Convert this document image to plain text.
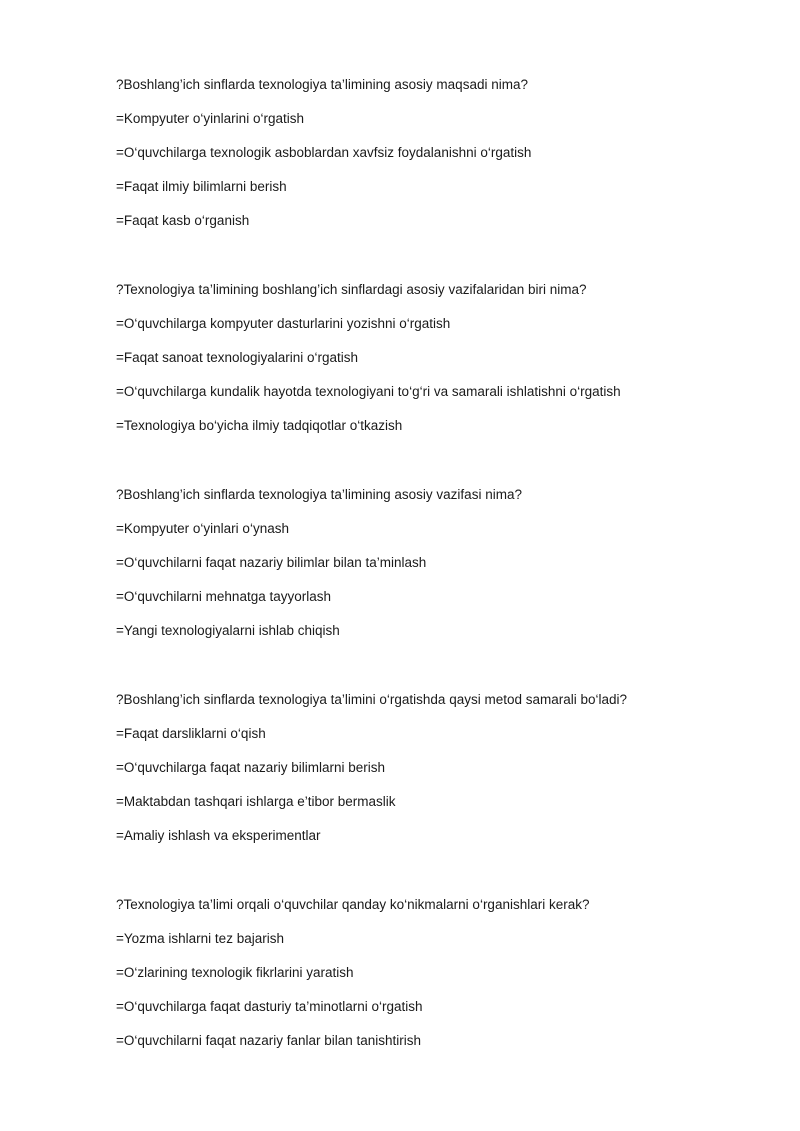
?Boshlang’ich sinflarda texnologiya ta’limining asosiy maqsadi nima?
=Kompyuter o‘yinlarini o‘rgatish
=O‘quvchilarga texnologik asboblardan xavfsiz foydalanishni o‘rgatish
=Faqat ilmiy bilimlarni berish
=Faqat kasb o‘rganish
?Texnologiya ta’limining boshlang’ich sinflardagi asosiy vazifalaridan biri nima?
=O‘quvchilarga kompyuter dasturlarini yozishni o‘rgatish
=Faqat sanoat texnologiyalarini o‘rgatish
=O‘quvchilarga kundalik hayotda texnologiyani to‘g‘ri va samarali ishlatishni o‘rgatish
=Texnologiya bo‘yicha ilmiy tadqiqotlar o‘tkazish
?Boshlang’ich sinflarda texnologiya ta’limining asosiy vazifasi nima?
=Kompyuter o‘yinlari o‘ynash
=O‘quvchilarni faqat nazariy bilimlar bilan ta’minlash
=O‘quvchilarni mehnatga tayyorlash
=Yangi texnologiyalarni ishlab chiqish
?Boshlang’ich sinflarda texnologiya ta’limini o‘rgatishda qaysi metod samarali bo‘ladi?
=Faqat darsliklarni o‘qish
=O‘quvchilarga faqat nazariy bilimlarni berish
=Maktabdan tashqari ishlarga e’tibor bermaslik
=Amaliy ishlash va eksperimentlar
?Texnologiya ta’limi orqali o‘quvchilar qanday ko‘nikmalarni o‘rganishlari kerak?
=Yozma ishlarni tez bajarish
=O‘zlarining texnologik fikrlarini yaratish
=O‘quvchilarga faqat dasturiy ta’minotlarni o‘rgatish
=O‘quvchilarni faqat nazariy fanlar bilan tanishtirish
